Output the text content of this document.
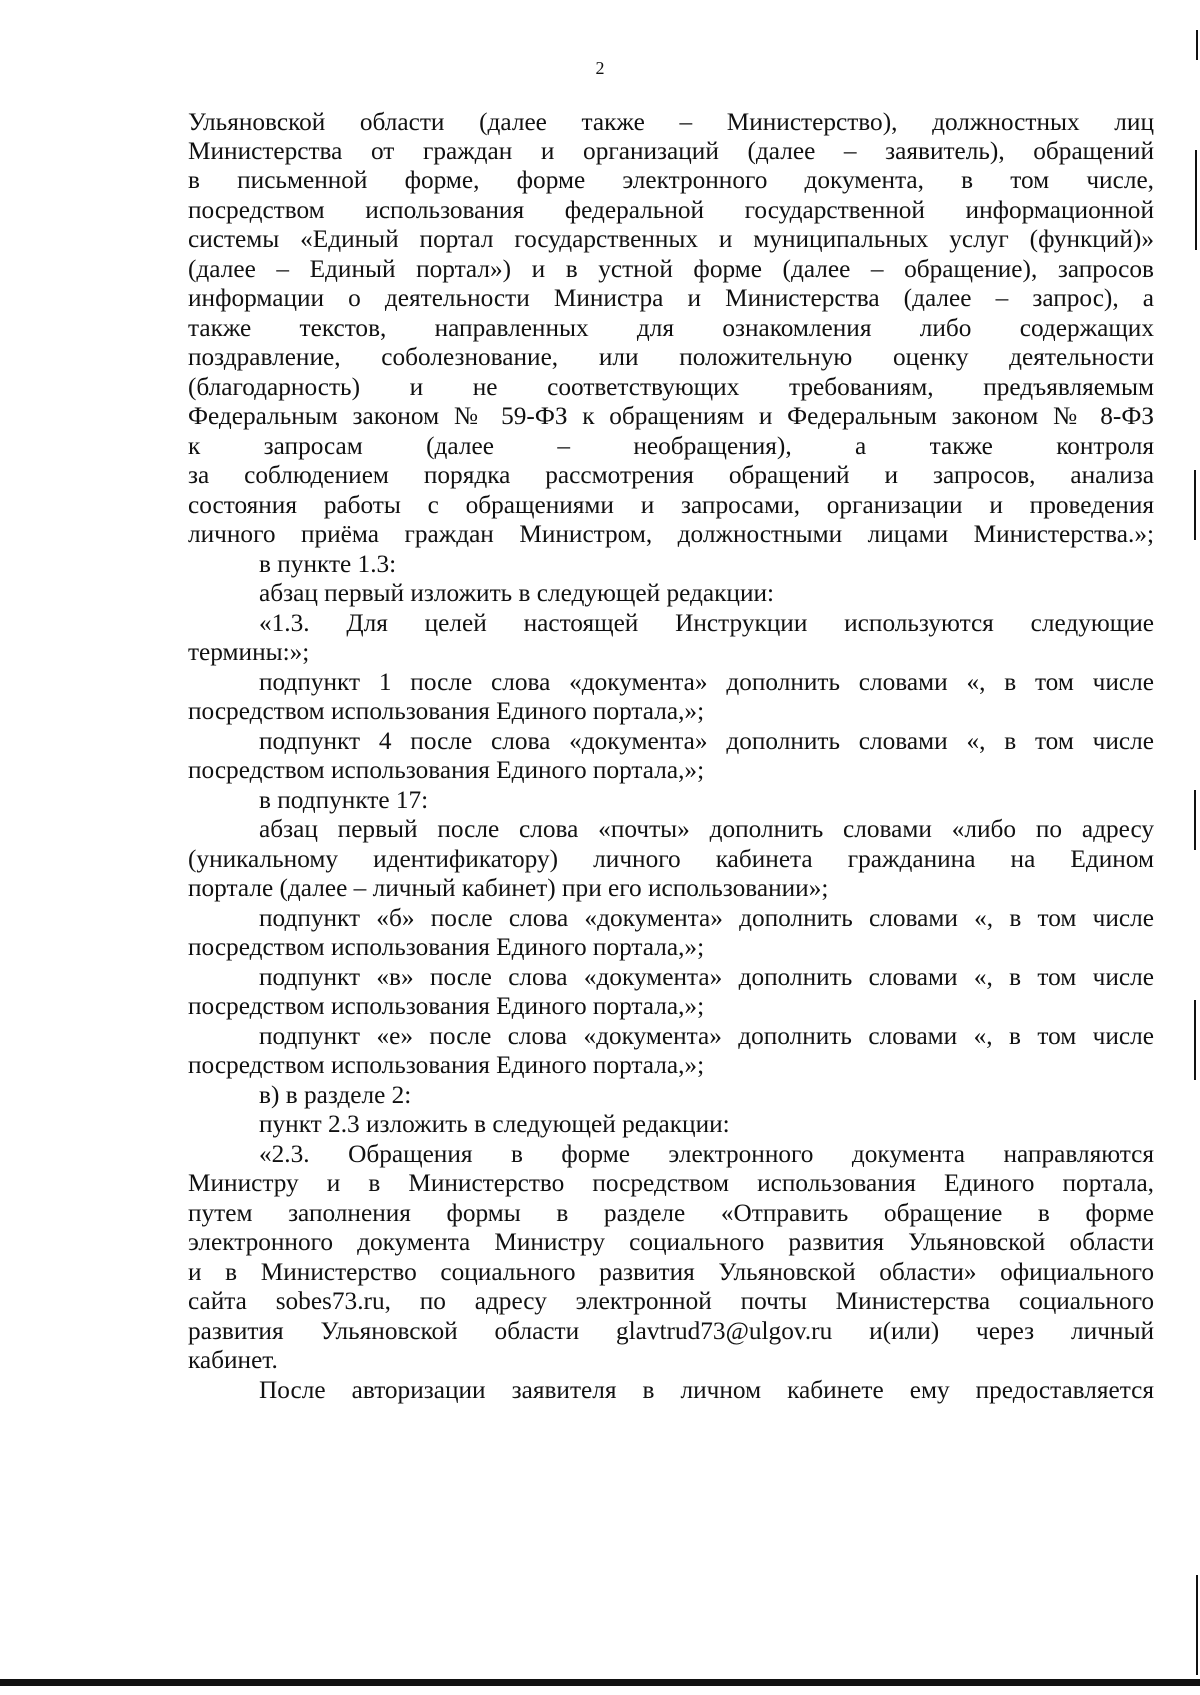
2
Ульяновской области (далее также – Министерство), должностных лиц
Министерства от граждан и организаций (далее – заявитель), обращений
в письменной форме, форме электронного документа, в том числе,
посредством использования федеральной государственной информационной
системы «Единый портал государственных и муниципальных услуг (функций)»
(далее – Единый портал») и в устной форме (далее – обращение), запросов
информации о деятельности Министра и Министерства (далее – запрос), а
также текстов, направленных для ознакомления либо содержащих
поздравление, соболезнование, или положительную оценку деятельности
(благодарность) и не соответствующих требованиям, предъявляемым
Федеральным законом № 59-ФЗ к обращениям и Федеральным законом № 8-ФЗ
к запросам (далее – необращения), а также контроля
за соблюдением порядка рассмотрения обращений и запросов, анализа
состояния работы с обращениями и запросами, организации и проведения
личного приёма граждан Министром, должностными лицами Министерства.»;
в пункте 1.3:
абзац первый изложить в следующей редакции:
«1.3. Для целей настоящей Инструкции используются следующие
термины:»;
подпункт 1 после слова «документа» дополнить словами «, в том числе
посредством использования Единого портала,»;
подпункт 4 после слова «документа» дополнить словами «, в том числе
посредством использования Единого портала,»;
в подпункте 17:
абзац первый после слова «почты» дополнить словами «либо по адресу
(уникальному идентификатору) личного кабинета гражданина на Едином
портале (далее – личный кабинет) при его использовании»;
подпункт «б» после слова «документа» дополнить словами «, в том числе
посредством использования Единого портала,»;
подпункт «в» после слова «документа» дополнить словами «, в том числе
посредством использования Единого портала,»;
подпункт «е» после слова «документа» дополнить словами «, в том числе
посредством использования Единого портала,»;
в) в разделе 2:
пункт 2.3 изложить в следующей редакции:
«2.3. Обращения в форме электронного документа направляются
Министру и в Министерство посредством использования Единого портала,
путем заполнения формы в разделе «Отправить обращение в форме
электронного документа Министру социального развития Ульяновской области
и в Министерство социального развития Ульяновской области» официального
сайта sobes73.ru, по адресу электронной почты Министерства социального
развития Ульяновской области glavtrud73@ulgov.ru и(или) через личный
кабинет.
После авторизации заявителя в личном кабинете ему предоставляется
